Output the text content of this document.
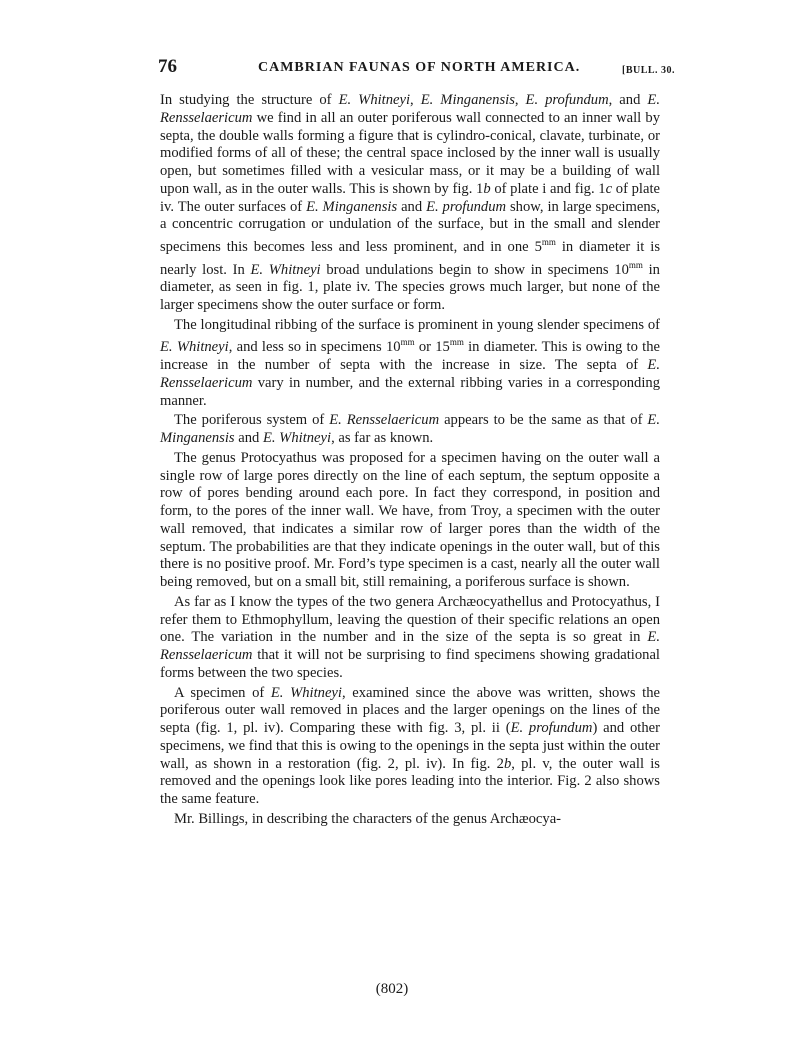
76	CAMBRIAN FAUNAS OF NORTH AMERICA.	[BULL. 30.

In studying the structure of E. Whitneyi, E. Minganensis, E. profundum, and E. Rensselaericum we find in all an outer poriferous wall connected to an inner wall by septa, the double walls forming a figure that is cylindro-conical, clavate, turbinate, or modified forms of all of these; the central space inclosed by the inner wall is usually open, but sometimes filled with a vesicular mass, or it may be a building of wall upon wall, as in the outer walls. This is shown by fig. 1b of plate i and fig. 1c of plate iv. The outer surfaces of E. Minganensis and E. profundum show, in large specimens, a concentric corrugation or undulation of the surface, but in the small and slender specimens this becomes less and less prominent, and in one $5^{mm}$ in diameter it is nearly lost. In E. Whitneyi broad undulations begin to show in specimens $10^{mm}$ in diameter, as seen in fig. 1, plate iv. The species grows much larger, but none of the larger specimens show the outer surface or form.

The longitudinal ribbing of the surface is prominent in young slender specimens of E. Whitneyi, and less so in specimens $10^{mm}$ or $15^{mm}$ in diameter. This is owing to the increase in the number of septa with the increase in size. The septa of E. Rensselaericum vary in number, and the external ribbing varies in a corresponding manner.

The poriferous system of E. Rensselaericum appears to be the same as that of E. Minganensis and E. Whitneyi, as far as known.

The genus Protocyathus was proposed for a specimen having on the outer wall a single row of large pores directly on the line of each septum, the septum opposite a row of pores bending around each pore. In fact they correspond, in position and form, to the pores of the inner wall. We have, from Troy, a specimen with the outer wall removed, that indicates a similar row of larger pores than the width of the septum. The probabilities are that they indicate openings in the outer wall, but of this there is no positive proof. Mr. Ford’s type specimen is a cast, nearly all the outer wall being removed, but on a small bit, still remaining, a poriferous surface is shown.

As far as I know the types of the two genera Archæocyathellus and Protocyathus, I refer them to Ethmophyllum, leaving the question of their specific relations an open one. The variation in the number and in the size of the septa is so great in E. Rensselaericum that it will not be surprising to find specimens showing gradational forms between the two species.

A specimen of E. Whitneyi, examined since the above was written, shows the poriferous outer wall removed in places and the larger openings on the lines of the septa (fig. 1, pl. iv). Comparing these with fig. 3, pl. ii (E. profundum) and other specimens, we find that this is owing to the openings in the septa just within the outer wall, as shown in a restoration (fig. 2, pl. iv). In fig. 2b, pl. v, the outer wall is removed and the openings look like pores leading into the interior. Fig. 2 also shows the same feature.

Mr. Billings, in describing the characters of the genus Archæocya-

(802)
